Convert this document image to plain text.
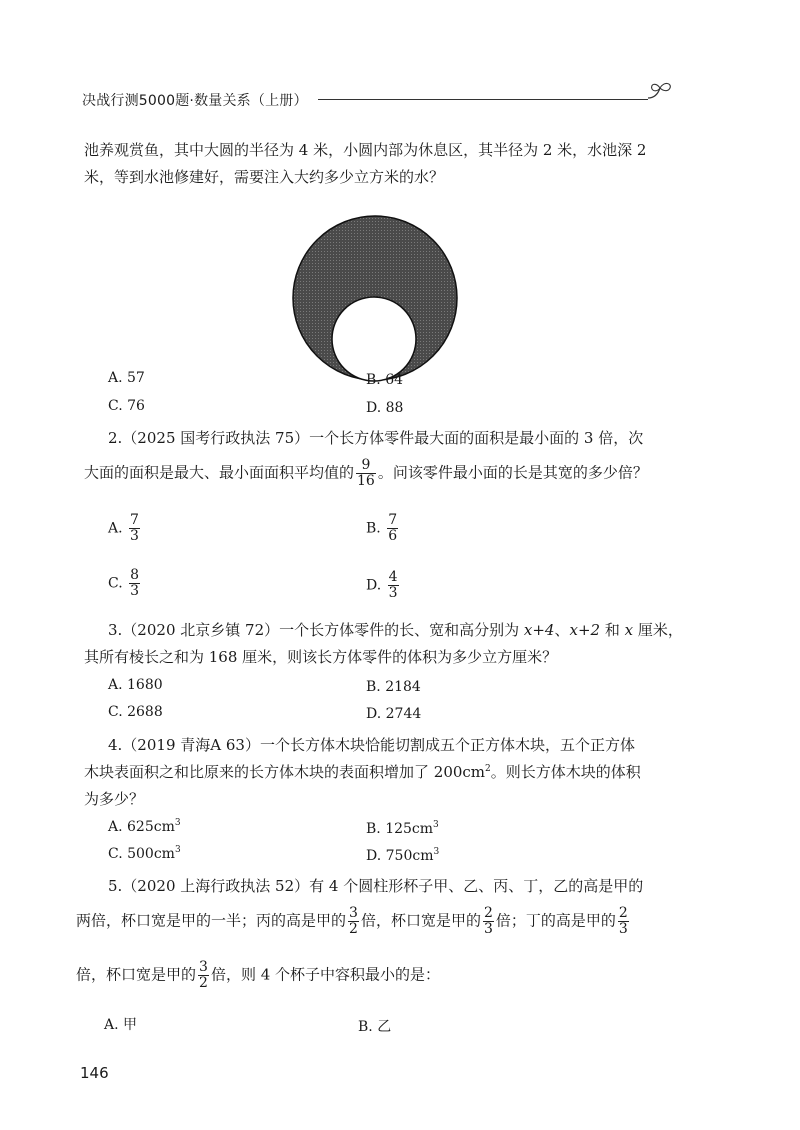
决战行测5000题·数量关系（上册）
池养观赏鱼，其中大圆的半径为 4 米，小圆内部为休息区，其半径为 2 米，水池深 2
米，等到水池修建好，需要注入大约多少立方米的水？
A. 57	B. 64
C. 76	D. 88
2.（2025 国考行政执法 75）一个长方体零件最大面的面积是最小面的 3 倍，次
大面的面积是最大、最小面面积平均值的 $\frac{9}{16}$ 。问该零件最小面的长是其宽的多少倍？
A. $\frac{7}{3}$	B. $\frac{7}{6}$
C. $\frac{8}{3}$	D. $\frac{4}{3}$
3.（2020 北京乡镇 72）一个长方体零件的长、宽和高分别为 x+4、x+2 和 x 厘米，
其所有棱长之和为 168 厘米，则该长方体零件的体积为多少立方厘米？
A. 1680	B. 2184
C. 2688	D. 2744
4.（2019 青海A 63）一个长方体木块恰能切割成五个正方体木块，五个正方体
木块表面积之和比原来的长方体木块的表面积增加了 $200cm^2$。则长方体木块的体积
为多少？
A. $625cm^3$	B. $125cm^3$
C. $500cm^3$	D. $750cm^3$
5.（2020 上海行政执法 52）有 4 个圆柱形杯子甲、乙、丙、丁，乙的高是甲的
两倍，杯口宽是甲的一半；丙的高是甲的 $\frac{3}{2}$ 倍，杯口宽是甲的 $\frac{2}{3}$ 倍；丁的高是甲的 $\frac{2}{3}$
倍，杯口宽是甲的 $\frac{3}{2}$ 倍，则 4 个杯子中容积最小的是：
A. 甲	B. 乙
146
